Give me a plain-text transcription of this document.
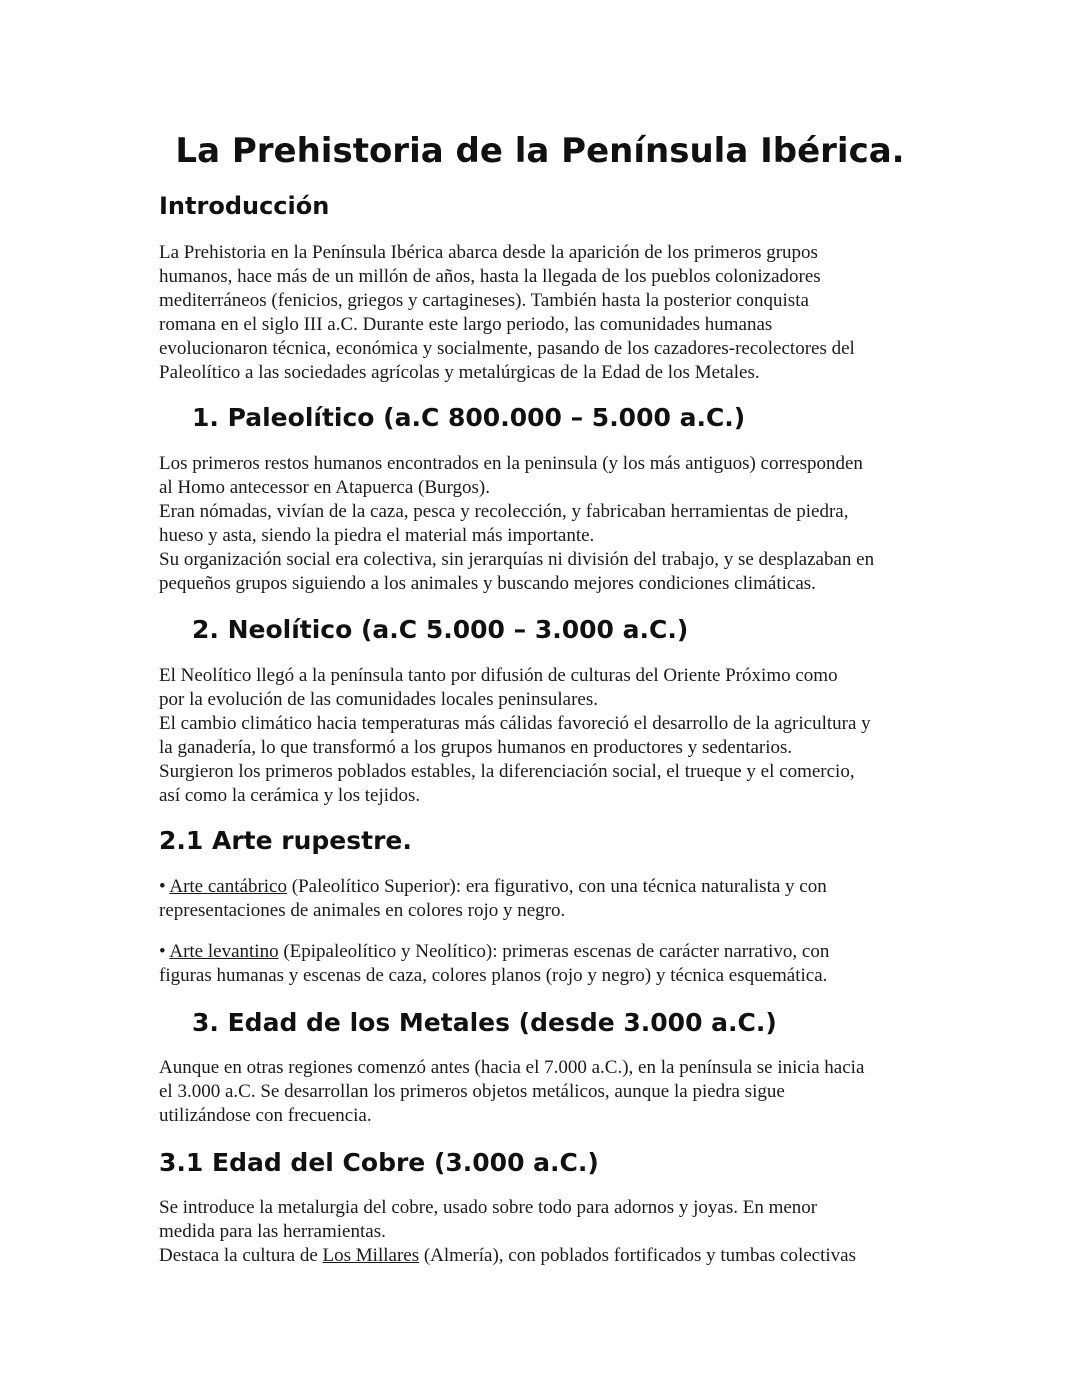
La Prehistoria de la Península Ibérica.
Introducción

La Prehistoria en la Península Ibérica abarca desde la aparición de los primeros grupos
humanos, hace más de un millón de años, hasta la llegada de los pueblos colonizadores
mediterráneos (fenicios, griegos y cartagineses). También hasta la posterior conquista
romana en el siglo III a.C. Durante este largo periodo, las comunidades humanas
evolucionaron técnica, económica y socialmente, pasando de los cazadores-recolectores del
Paleolítico a las sociedades agrícolas y metalúrgicas de la Edad de los Metales.

1. Paleolítico (a.C 800.000 – 5.000 a.C.)

Los primeros restos humanos encontrados en la peninsula (y los más antiguos) corresponden
al Homo antecessor en Atapuerca (Burgos).
Eran nómadas, vivían de la caza, pesca y recolección, y fabricaban herramientas de piedra,
hueso y asta, siendo la piedra el material más importante.
Su organización social era colectiva, sin jerarquías ni división del trabajo, y se desplazaban en
pequeños grupos siguiendo a los animales y buscando mejores condiciones climáticas.

2. Neolítico (a.C 5.000 – 3.000 a.C.)

El Neolítico llegó a la península tanto por difusión de culturas del Oriente Próximo como
por la evolución de las comunidades locales peninsulares.
El cambio climático hacia temperaturas más cálidas favoreció el desarrollo de la agricultura y
la ganadería, lo que transformó a los grupos humanos en productores y sedentarios.
Surgieron los primeros poblados estables, la diferenciación social, el trueque y el comercio,
así como la cerámica y los tejidos.

2.1 Arte rupestre.

• Arte cantábrico (Paleolítico Superior): era figurativo, con una técnica naturalista y con
representaciones de animales en colores rojo y negro.

• Arte levantino (Epipaleolítico y Neolítico): primeras escenas de carácter narrativo, con
figuras humanas y escenas de caza, colores planos (rojo y negro) y técnica esquemática.

3. Edad de los Metales (desde 3.000 a.C.)

Aunque en otras regiones comenzó antes (hacia el 7.000 a.C.), en la península se inicia hacia
el 3.000 a.C. Se desarrollan los primeros objetos metálicos, aunque la piedra sigue
utilizándose con frecuencia.

3.1 Edad del Cobre (3.000 a.C.)

Se introduce la metalurgia del cobre, usado sobre todo para adornos y joyas. En menor
medida para las herramientas.
Destaca la cultura de Los Millares (Almería), con poblados fortificados y tumbas colectivas
